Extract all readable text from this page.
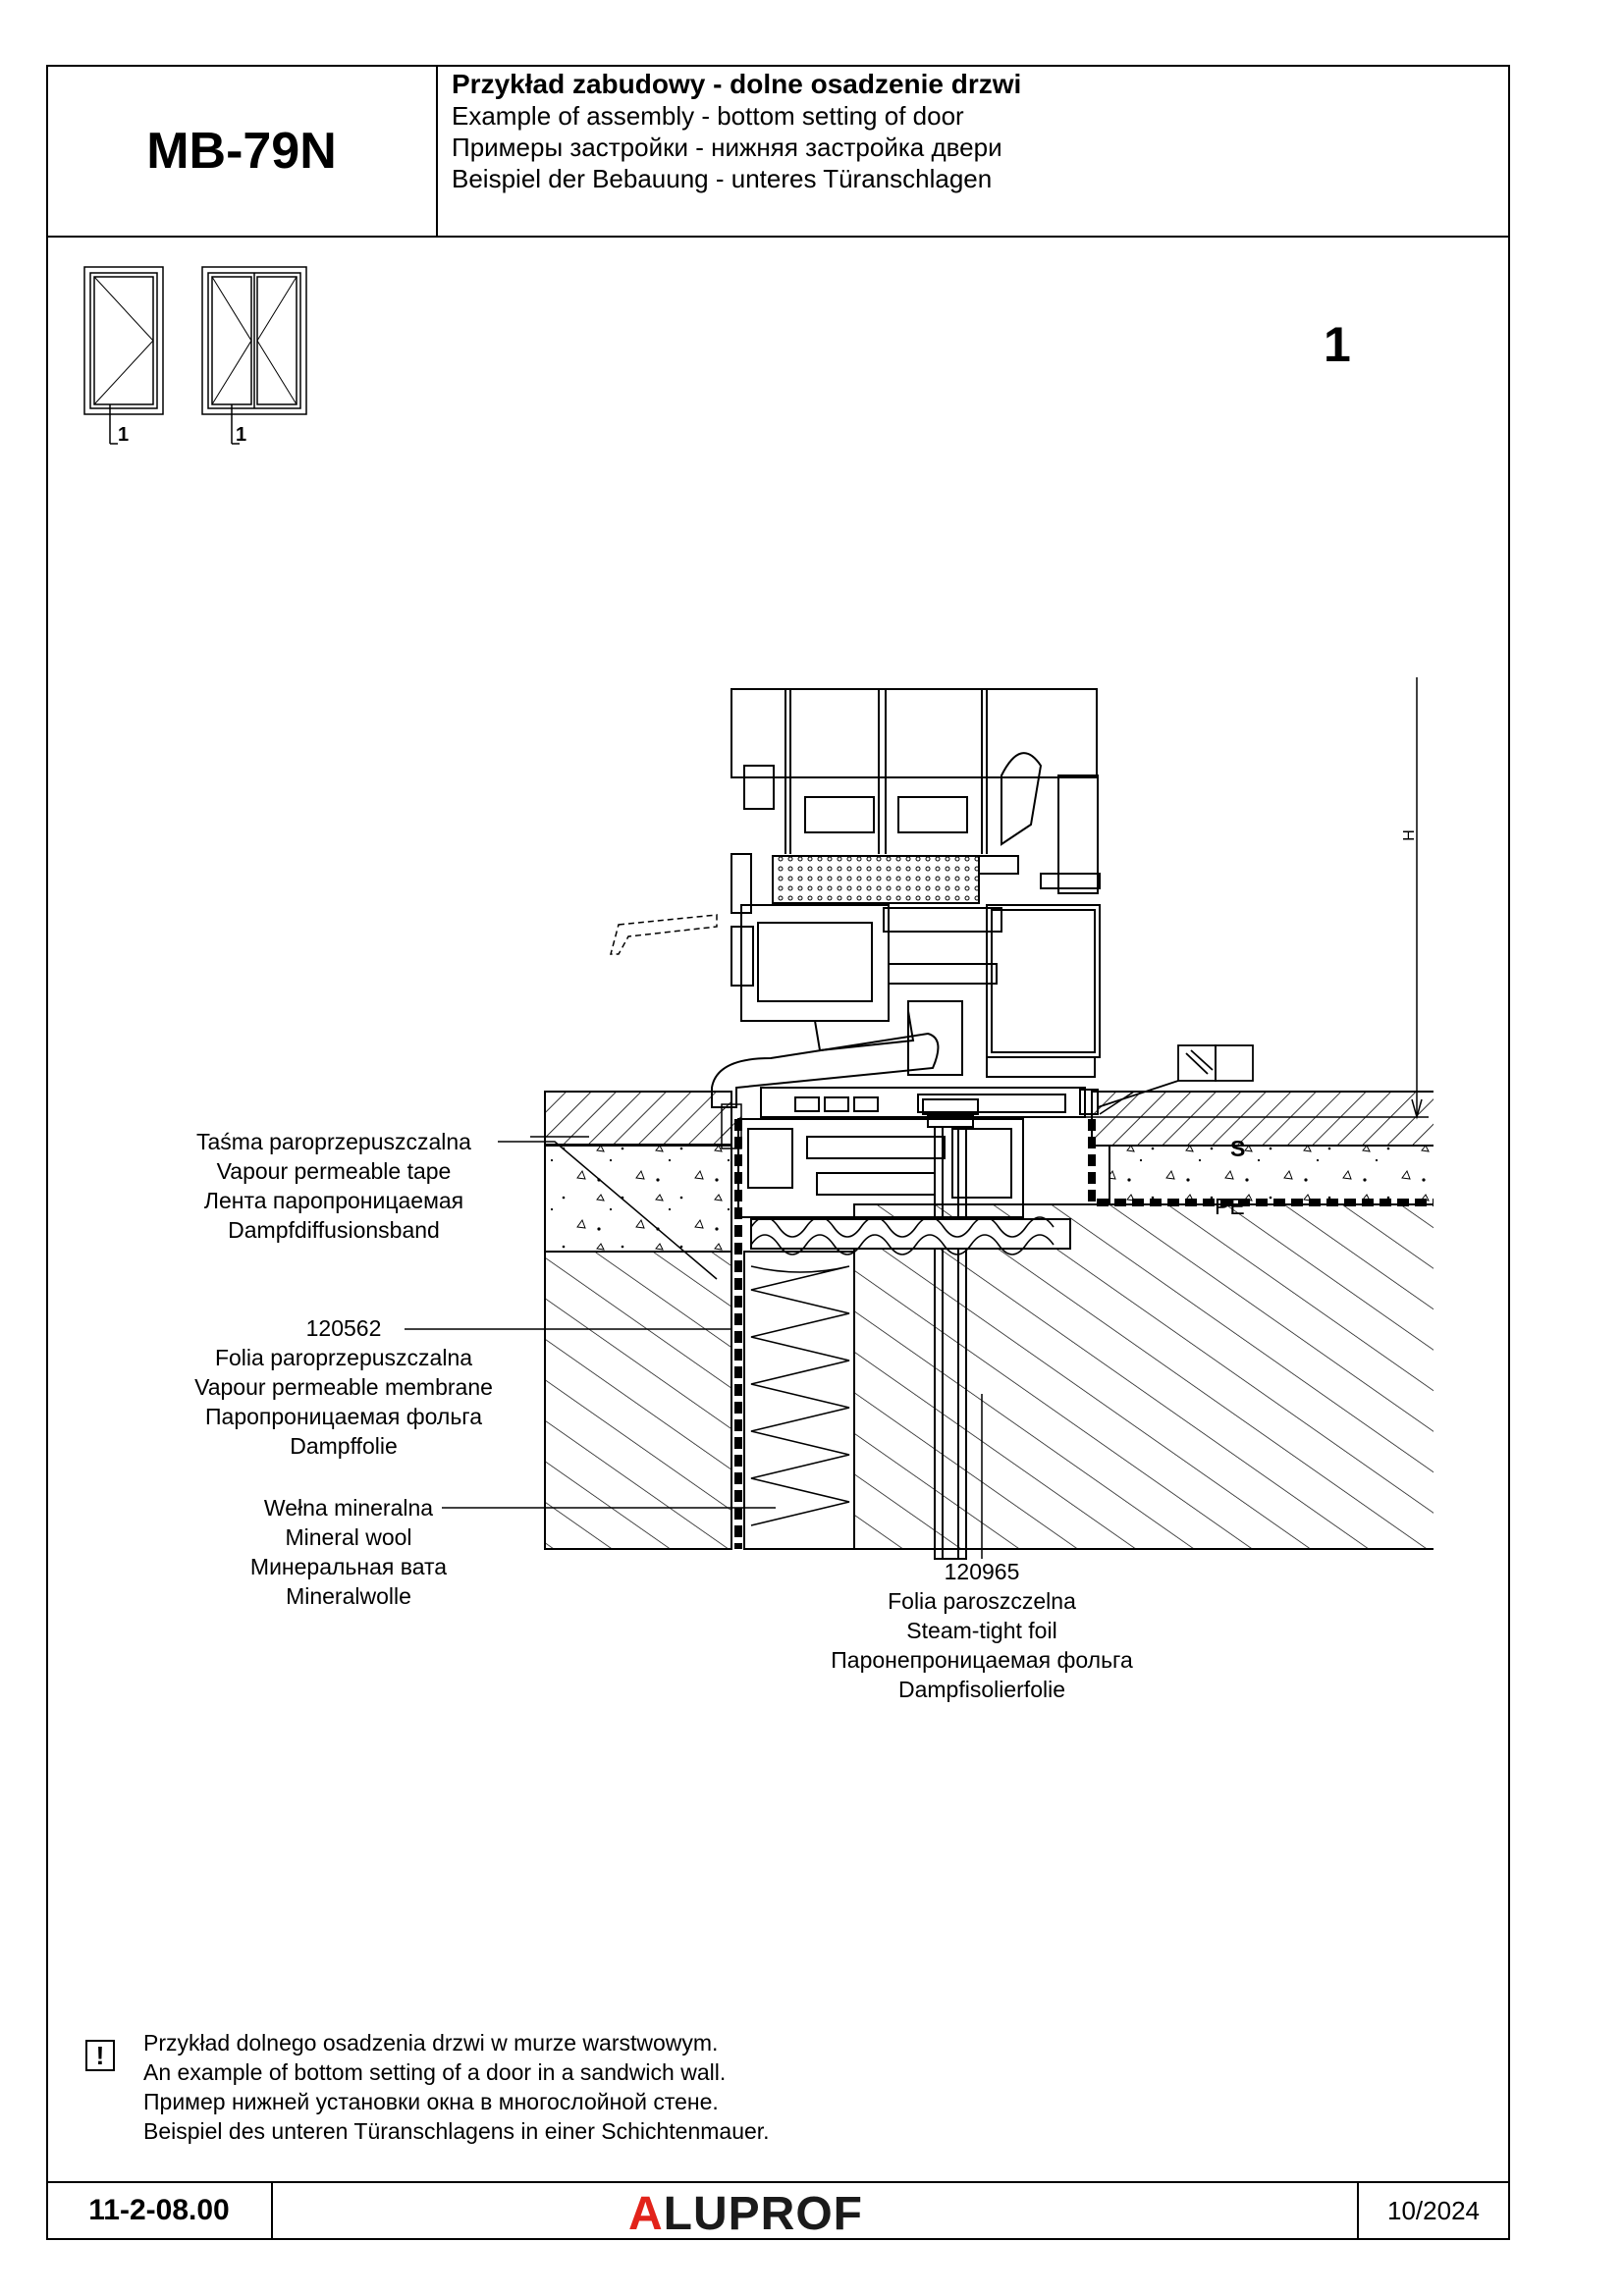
MB-79N
Przykład zabudowy - dolne osadzenie drzwi
Example of assembly - bottom setting of door
Примеры застройки - нижняя застройка двери
Beispiel der Bebauung - unteres Türanschlagen
1
1	1
H
S
PE
Taśma paroprzepuszczalna
Vapour permeable tape
Лента паропроницаемая
Dampfdiffusionsband
120562
Folia paroprzepuszczalna
Vapour permeable membrane
Паропроницаемая фольга
Dampffolie
Wełna mineralna
Mineral wool
Минеральная вата
Mineralwolle
120965
Folia paroszczelna
Steam-tight foil
Паронепроницаемая фольга
Dampfisolierfolie
!	Przykład dolnego osadzenia drzwi w murze warstwowym.
An example of bottom setting of a door in a sandwich wall.
Пример нижней установки окна в многослойной стене.
Beispiel des unteren Türanschlagens in einer Schichtenmauer.
11-2-08.00	ALUPROF	10/2024
